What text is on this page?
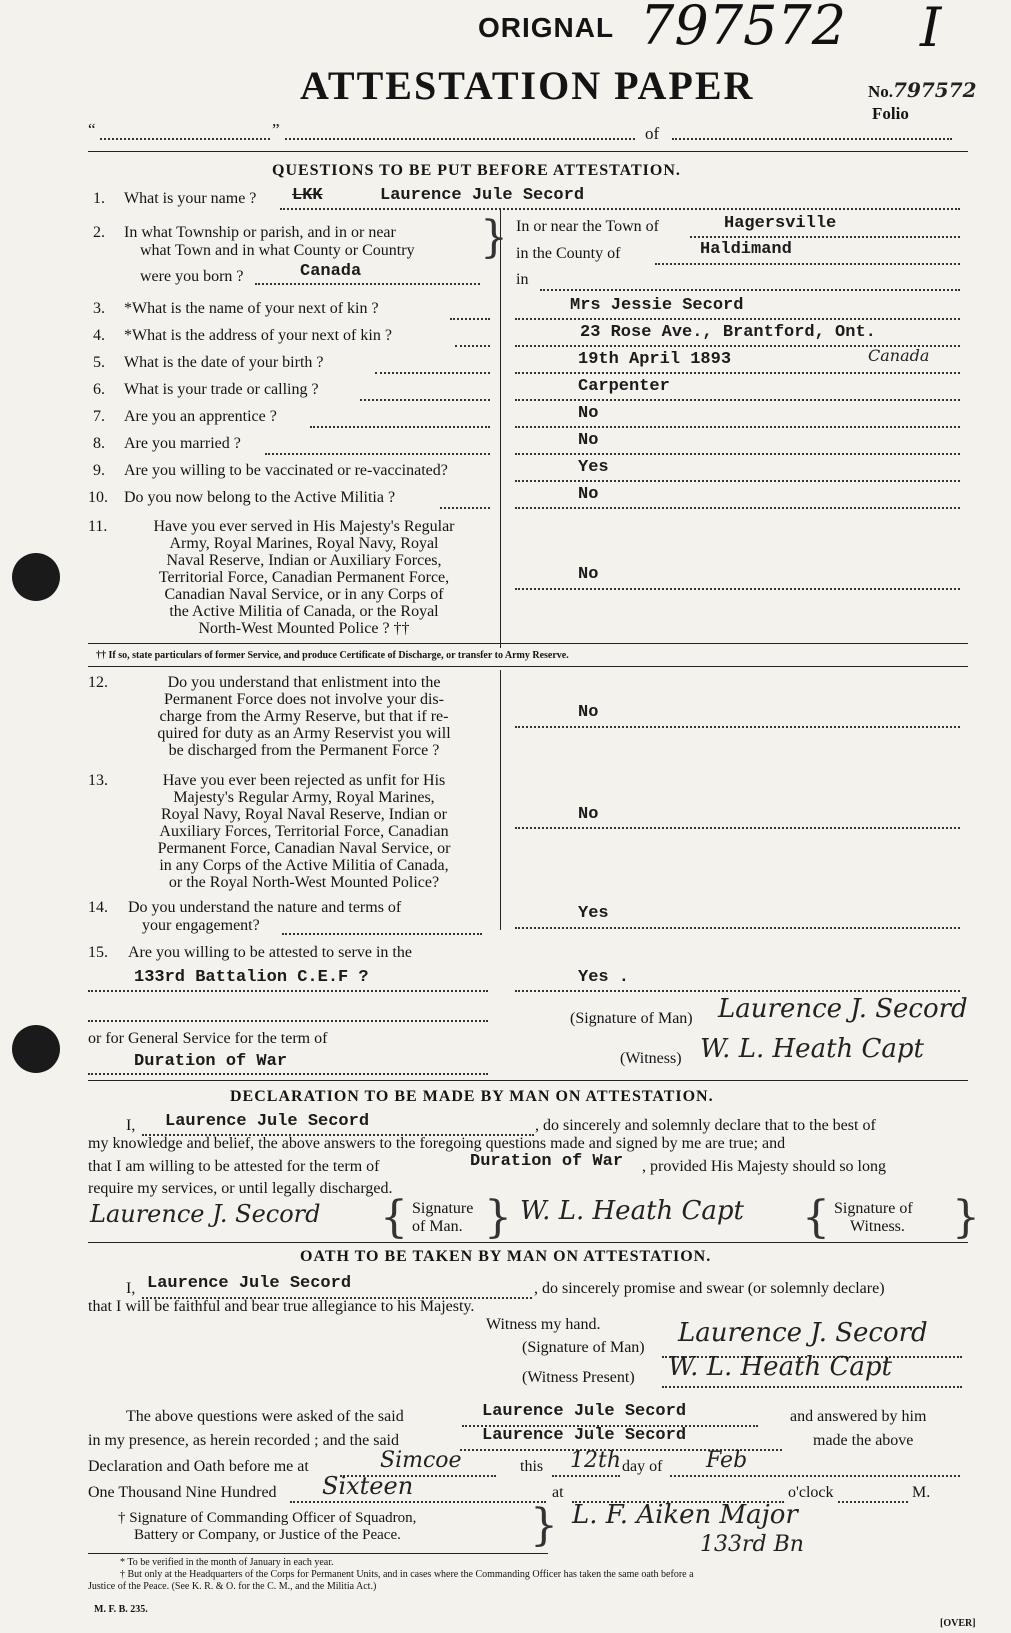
ORIGNAL 797572 I
ATTESTATION PAPER	No.797572
Folio
“	”	of
QUESTIONS TO BE PUT BEFORE ATTESTATION.
1. What is your name ? LKK	Laurence Jule Secord
2. In what Township or parish, and in or near
what Town and in what County or Country
were you born ?	Canada
} In or near the Town of	Hagersville
in the County of	Haldimand
in
3. *What is the name of your next of kin ?	Mrs Jessie Secord
4. *What is the address of your next of kin ?	23 Rose Ave., Brantford, Ont.
5. What is the date of your birth ?	19th April 1893	Canada
6. What is your trade or calling ?	Carpenter
7. Are you an apprentice ?	No
8. Are you married ?	No
9. Are you willing to be vaccinated or re-vaccinated?	Yes
10. Do you now belong to the Active Militia ?	No
11.	Have you ever served in His Majesty's Regular
Army, Royal Marines, Royal Navy, Royal
Naval Reserve, Indian or Auxiliary Forces,
Territorial Force, Canadian Permanent Force,
Canadian Naval Service, or in any Corps of
the Active Militia of Canada, or the Royal
North-West Mounted Police ? ††
No
†† If so, state particulars of former Service, and produce Certificate of Discharge, or transfer to Army Reserve.
12.	Do you understand that enlistment into the
Permanent Force does not involve your dis-
charge from the Army Reserve, but that if re-
quired for duty as an Army Reservist you will
be discharged from the Permanent Force ?
No
13.	Have you ever been rejected as unfit for His
Majesty's Regular Army, Royal Marines,
Royal Navy, Royal Naval Reserve, Indian or
Auxiliary Forces, Territorial Force, Canadian
Permanent Force, Canadian Naval Service, or
in any Corps of the Active Militia of Canada,
or the Royal North-West Mounted Police?
No
14. Do you understand the nature and terms of
your engagement?
Yes
15. Are you willing to be attested to serve in the
133rd Battalion C.E.F ?	Yes .
(Signature of Man) Laurence J. Secord
or for General Service for the term of
Duration of War	(Witness) W. L. Heath Capt
DECLARATION TO BE MADE BY MAN ON ATTESTATION.
I, Laurence Jule Secord	, do sincerely and solemnly declare that to the best of
my knowledge and belief, the above answers to the foregoing questions made and signed by me are true; and
that I am willing to be attested for the term of	Duration of War , provided His Majesty should so long
require my services, or until legally discharged.
Laurence J. Secord { Signature
of Man. } W. L. Heath Capt { Signature of
Witness. }
OATH TO BE TAKEN BY MAN ON ATTESTATION.
I, Laurence Jule Secord	, do sincerely promise and swear (or solemnly declare)
that I will be faithful and bear true allegiance to his Majesty.
Witness my hand.
(Signature of Man) Laurence J. Secord
(Witness Present) W. L. Heath Capt
The above questions were asked of the said	Laurence Jule Secord	and answered by him
in my presence, as herein recorded ; and the said	Laurence Jule Secord	made the above
Declaration and Oath before me at	Simcoe	this 12th day of Feb
One Thousand Nine Hundred Sixteen	at	o'clock	M.
† Signature of Commanding Officer of Squadron,
Battery or Company, or Justice of the Peace.	} L. F. Aiken Major
133rd Bn
* To be verified in the month of January in each year.
† But only at the Headquarters of the Corps for Permanent Units, and in cases where the Commanding Officer has taken the same oath before a
Justice of the Peace. (See K. R. & O. for the C. M., and the Militia Act.)
M. F. B. 235.
[OVER]
